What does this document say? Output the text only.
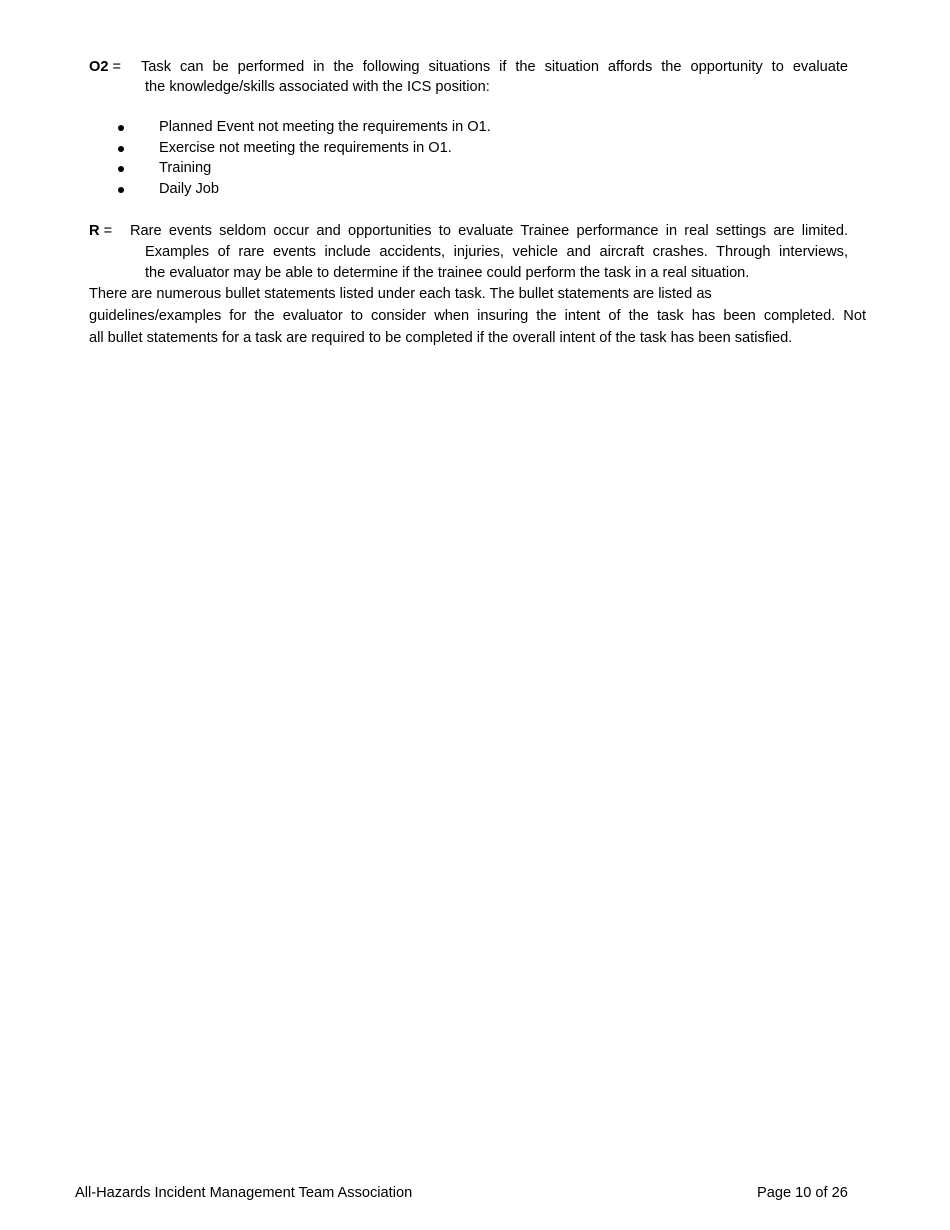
O2 = Task can be performed in the following situations if the situation affords the opportunity to evaluate
the knowledge/skills associated with the ICS position:
Planned Event not meeting the requirements in O1.
Exercise not meeting the requirements in O1.
Training
Daily Job
R = Rare events seldom occur and opportunities to evaluate Trainee performance in real settings are limited.
Examples of rare events include accidents, injuries, vehicle and aircraft crashes. Through interviews,
the evaluator may be able to determine if the trainee could perform the task in a real situation.
There are numerous bullet statements listed under each task. The bullet statements are listed as
guidelines/examples for the evaluator to consider when insuring the intent of the task has been completed. Not
all bullet statements for a task are required to be completed if the overall intent of the task has been satisfied.
All-Hazards Incident Management Team Association	Page 10 of 26
